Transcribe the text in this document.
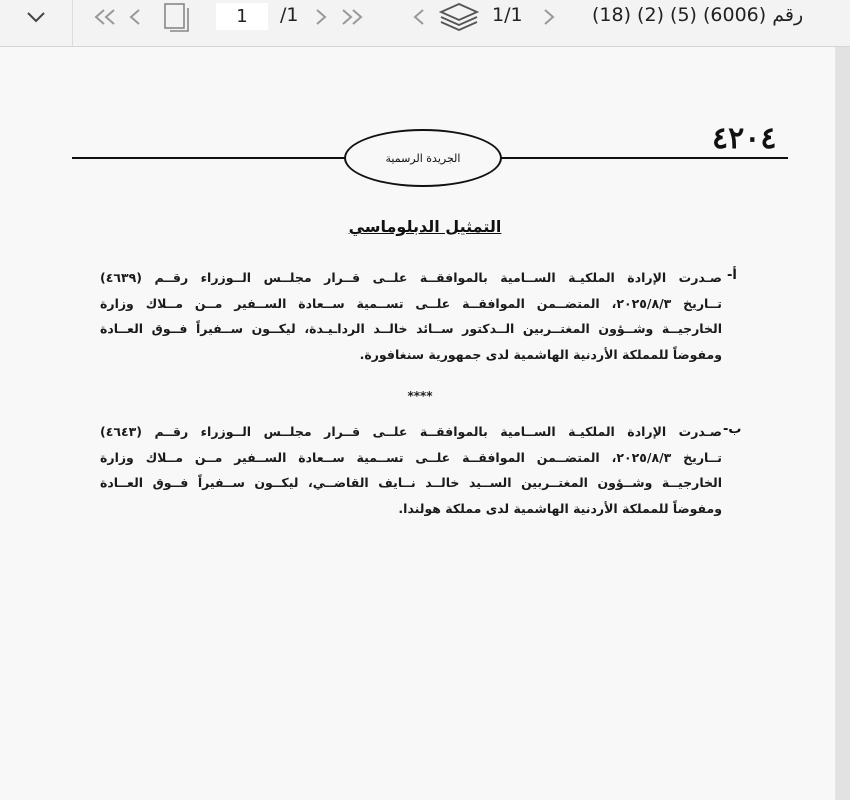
1
/1	1/1	رقم (6006) (5) (2) (18)
٤٢٠٤
الجريدة الرسمية
التمثيل الدبلوماسي
أ-
صـدرت الإرادة الملكيـة الســامية بالموافقــة علــى قــرار مجلــس الــوزراء رقــم (٤٦٣٩)
تــاريخ ٢٠٢٥/٨/٣، المتضــمن الموافقــة علــى تســمية ســعادة الســفير مــن مــلاك وزارة
الخارجيــة وشــؤون المغتــربين الــدكتور ســائد خالــد الرداـيـدة، ليكــون ســفيراً فــوق العــادة
ومفوضاً للمملكة الأردنية الهاشمية لدى جمهورية سنغافورة.
****
ب-
صـدرت الإرادة الملكيـة الســامية بالموافقــة علــى قــرار مجلــس الــوزراء رقــم (٤٦٤٣)
تــاريخ ٢٠٢٥/٨/٣، المتضــمن الموافقــة علــى تســمية ســعادة الســفير مــن مــلاك وزارة
الخارجيــة وشــؤون المغتــربين الســيد خالــد نــايف القاضــي، ليكــون ســفيراً فــوق العــادة
ومفوضاً للمملكة الأردنية الهاشمية لدى مملكة هولندا.
